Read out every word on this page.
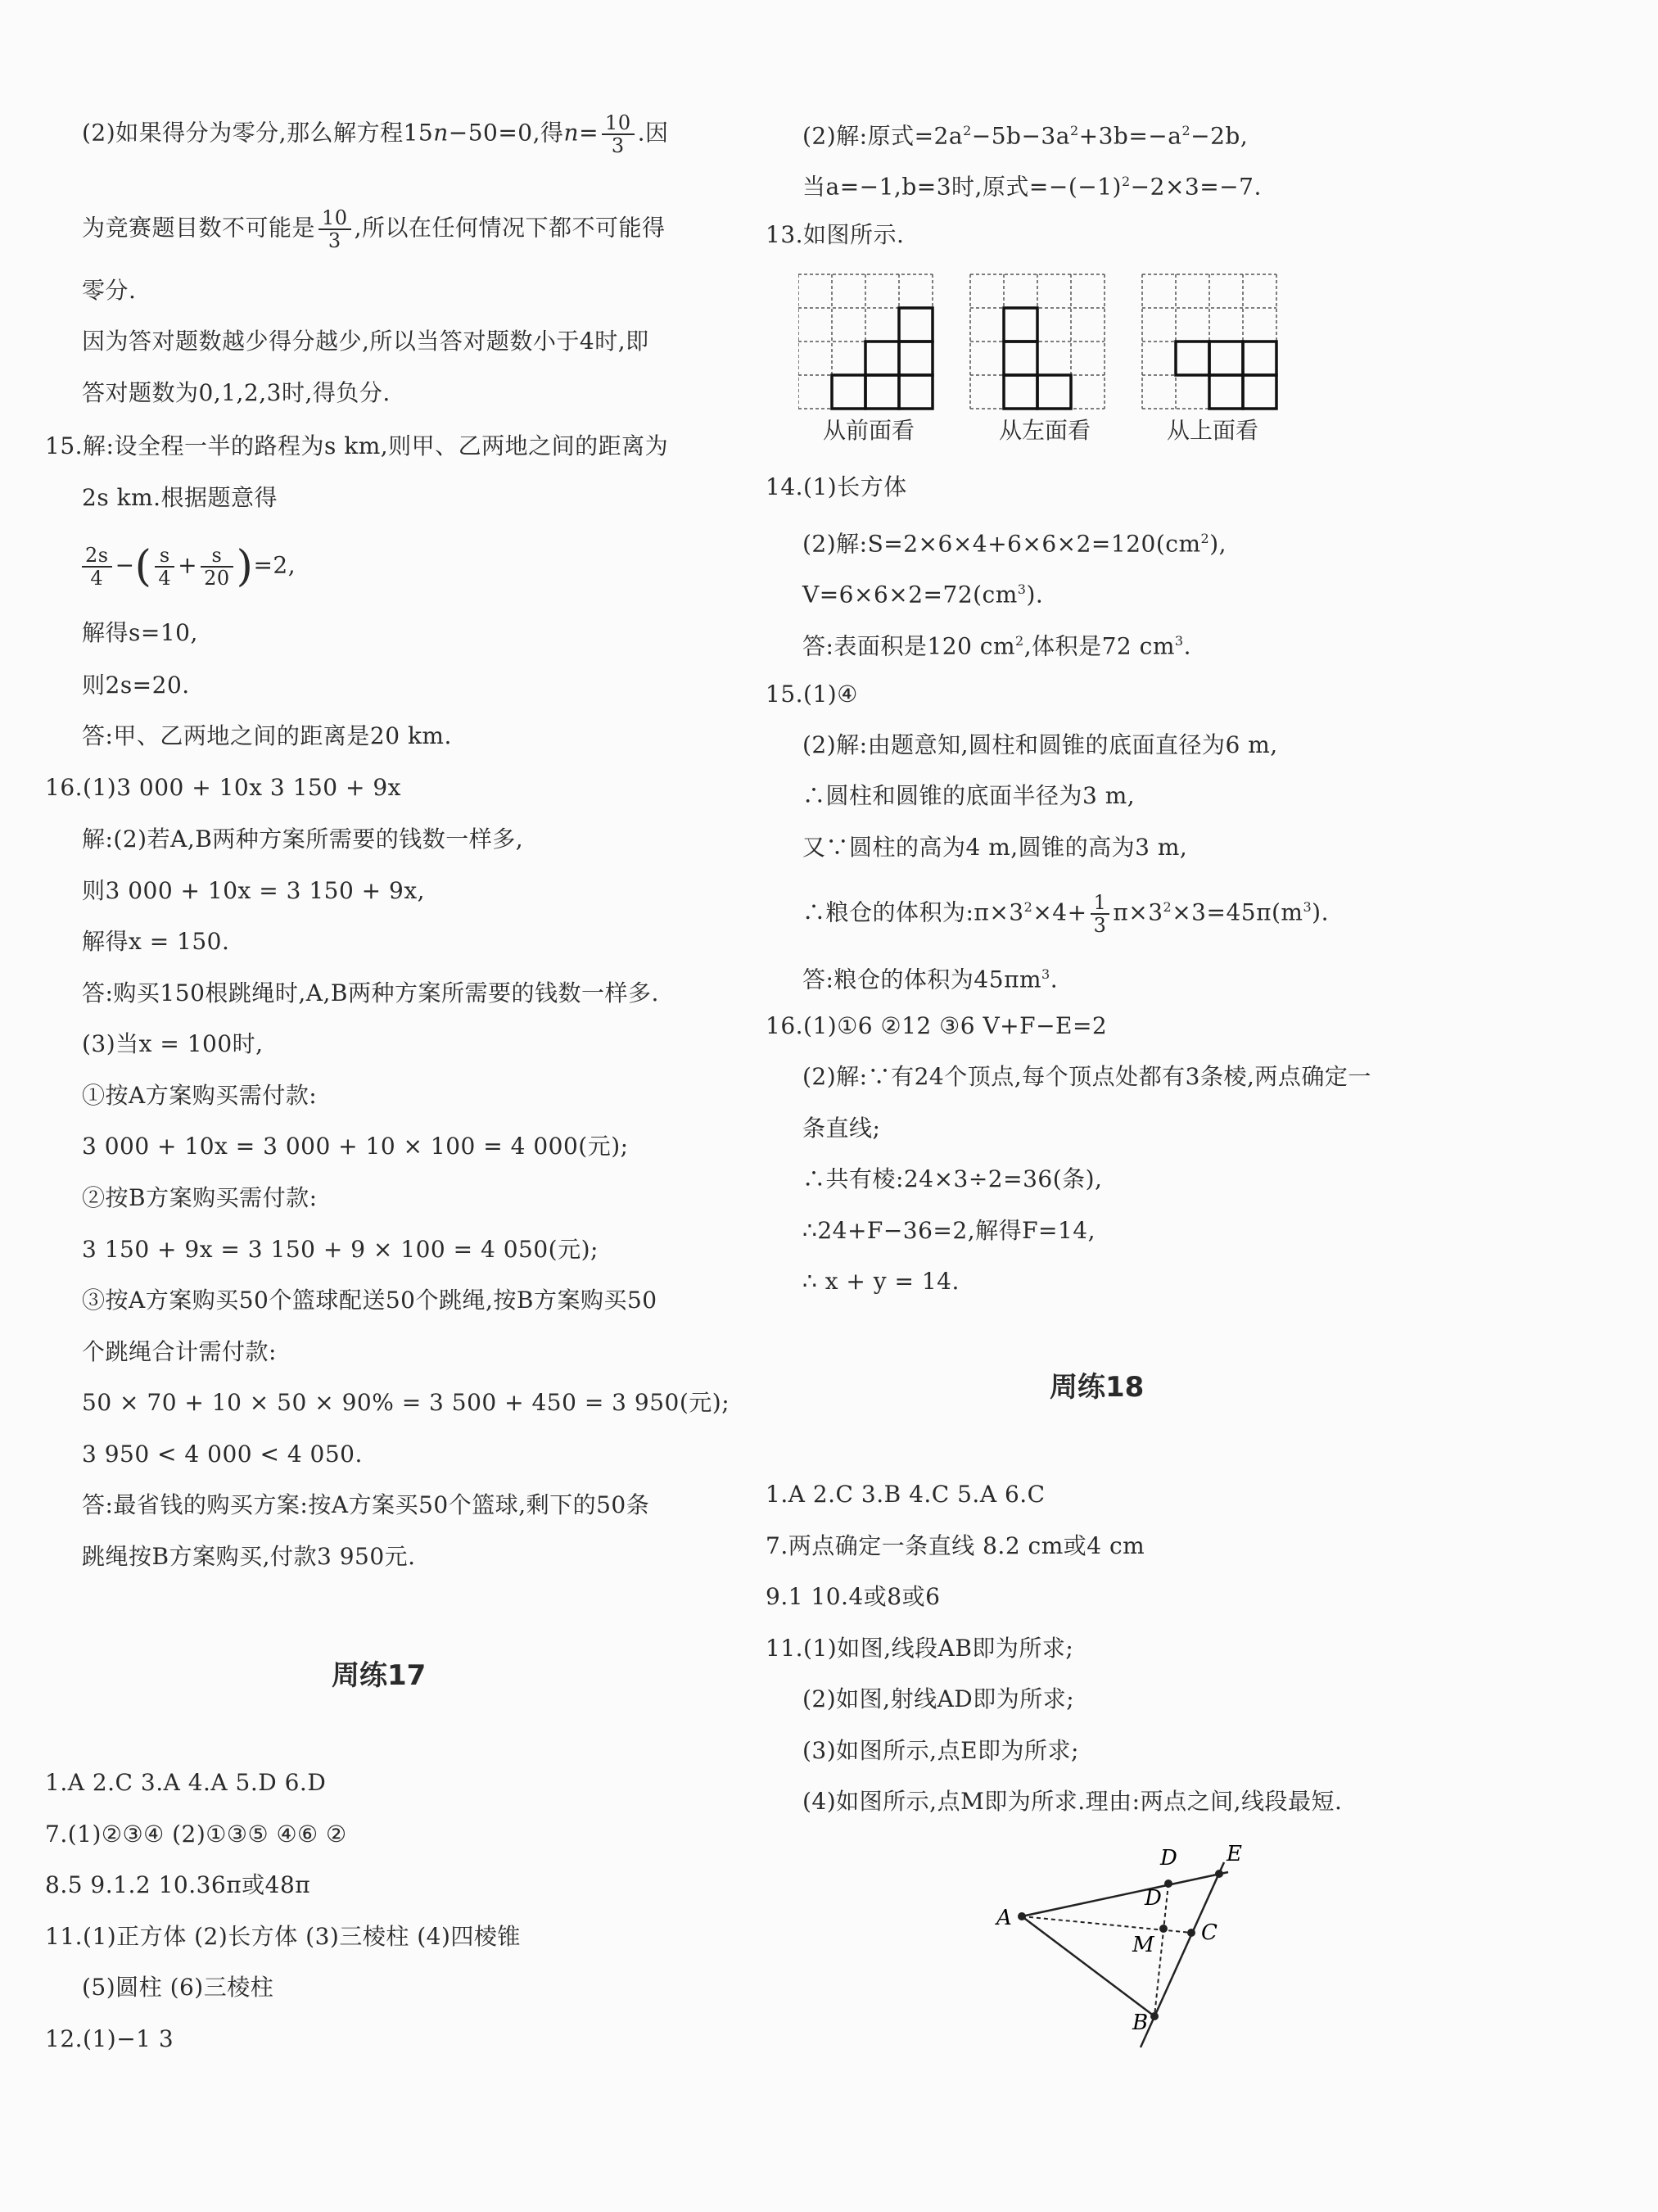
(2)如果得分为零分,那么解方程15n−50=0,得$n= \frac{10}{3}$ .因
为竞赛题目数不可能是 $\frac{10}{3}$ ,所以在任何情况下都不可能得
零分.
因为答对题数越少得分越少,所以当答对题数小于4时,即
答对题数为0,1,2,3时,得负分.
15.解:设全程一半的路程为s km,则甲、乙两地之间的距离为
2s km.根据题意得
$\frac{2s}{4}$ −( $\frac{s}{4} + \frac{s}{20} )=2$,
解得s=10,
则2s=20.
答:甲、乙两地之间的距离是20 km.
16.(1)3 000 + 10x 3 150 + 9x
解:(2)若A,B两种方案所需要的钱数一样多,
则3 000 + 10x = 3 150 + 9x,
解得x = 150.
答:购买150根跳绳时,A,B两种方案所需要的钱数一样多.
(3)当x = 100时,
①按A方案购买需付款:
3 000 + 10x = 3 000 + 10 × 100 = 4 000(元);
②按B方案购买需付款:
3 150 + 9x = 3 150 + 9 × 100 = 4 050(元);
③按A方案购买50个篮球配送50个跳绳,按B方案购买50
个跳绳合计需付款:
50 × 70 + 10 × 50 × 90% = 3 500 + 450 = 3 950(元);
3 950 < 4 000 < 4 050.
答:最省钱的购买方案:按A方案买50个篮球,剩下的50条
跳绳按B方案购买,付款3 950元.
周练17
1.A 2.C 3.A 4.A 5.D 6.D
7.(1)②③④ (2)①③⑤ ④⑥ ②
8.5 9.1.2 10.36π或48π
11.(1)正方体 (2)长方体 (3)三棱柱 (4)四棱锥
(5)圆柱 (6)三棱柱
12.(1)−1 3
(2)解:原式$=2a^2-5b-3a^2+3b=-a^2-2b$,
当a=−1,b=3时,原式$=-(-1)^2-2\times 3=-7$.
13.如图所示.
从前面看	从左面看	从上面看
14.(1)长方体
(2)解$:S=2\times 6\times 4+6\times 6\times 2=120(cm^2)$,
$V=6\times 6\times 2=72(cm^3)$.
答:表面积是120 $cm^2$,体积是72 $cm^3$.
15.(1)④
(2)解:由题意知,圆柱和圆锥的底面直径为6 m,
∴圆柱和圆锥的底面半径为3 m,
又∵圆柱的高为4 m,圆锥的高为3 m,
∴粮仓的体积为$:\pi\times 3^2\times 4+ \frac{1}{3} \pi\times 3^2\times 3=45\pi(m^3)$.
答:粮仓的体积为$45\pi m^3$.
16.(1)①6 ②12 ③6 V+F−E=2
(2)解:∵有24个顶点,每个顶点处都有3条棱,两点确定一
条直线;
∴共有棱:24×3÷2=36(条),
∴24+F−36=2,解得F=14,
∴ x + y = 14.
周练18
1.A 2.C 3.B 4.C 5.A 6.C
7.两点确定一条直线 8.2 cm或4 cm
9.1 10.4或8或6
11.(1)如图,线段AB即为所求;
(2)如图,射线AD即为所求;
(3)如图所示,点E即为所求;
(4)如图所示,点M即为所求.理由:两点之间,线段最短.
A
B
C
D
D
E
M
